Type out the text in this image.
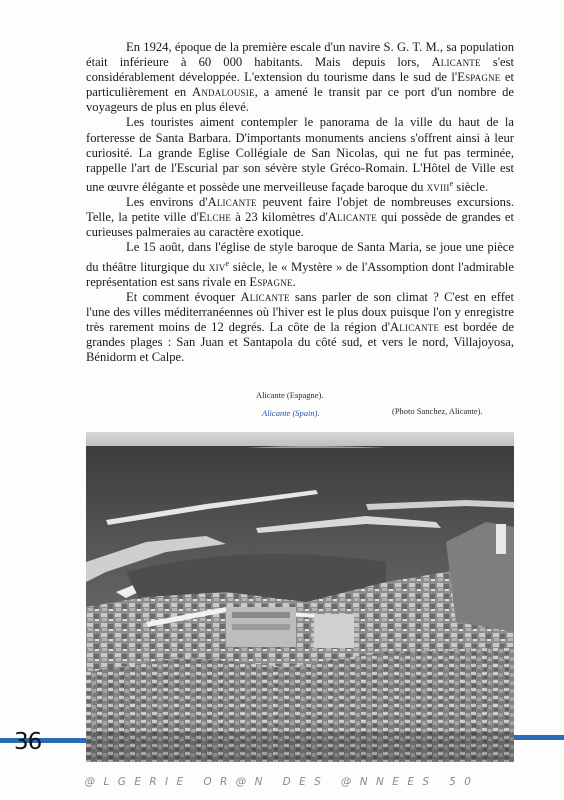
En 1924, époque de la première escale d'un navire S. G. T. M., sa population était inférieure à 60 000 habitants. Mais depuis lors, Alicante s'est considérablement développée. L'extension du tourisme dans le sud de l'Espagne et particulièrement en Andalousie, a amené le transit par ce port d'un nombre de voyageurs de plus en plus élevé.

Les touristes aiment contempler le panorama de la ville du haut de la forteresse de Santa Barbara. D'importants monuments anciens s'offrent ainsi à leur curiosité. La grande Eglise Collégiale de San Nicolas, qui ne fut pas terminée, rappelle l'art de l'Escurial par son sévère style Gréco-Romain. L'Hôtel de Ville est une œuvre élégante et possède une merveilleuse façade baroque du xviii$^e$ siècle.

Les environs d'Alicante peuvent faire l'objet de nombreuses excursions. Telle, la petite ville d'Elche à 23 kilomètres d'Alicante qui possède de grandes et curieuses palmeraies au caractère exotique.

Le 15 août, dans l'église de style baroque de Santa Maria, se joue une pièce du théâtre liturgique du xiv$^e$ siècle, le « Mystère » de l'Assomption dont l'admirable représentation est sans rivale en Espagne.

Et comment évoquer Alicante sans parler de son climat ? C'est en effet l'une des villes méditerranéennes où l'hiver est le plus doux puisque l'on y enregistre très rarement moins de 12 degrés. La côte de la région d'Alicante est bordée de grandes plages : San Juan et Santapola du côté sud, et vers le nord, Villajoyosa, Bénidorm et Calpe.

Alicante (Espagne).
Alicante (Spain).	(Photo Sanchez, Alicante).
36
@LGERIE OR@N DES @NNEES 50
